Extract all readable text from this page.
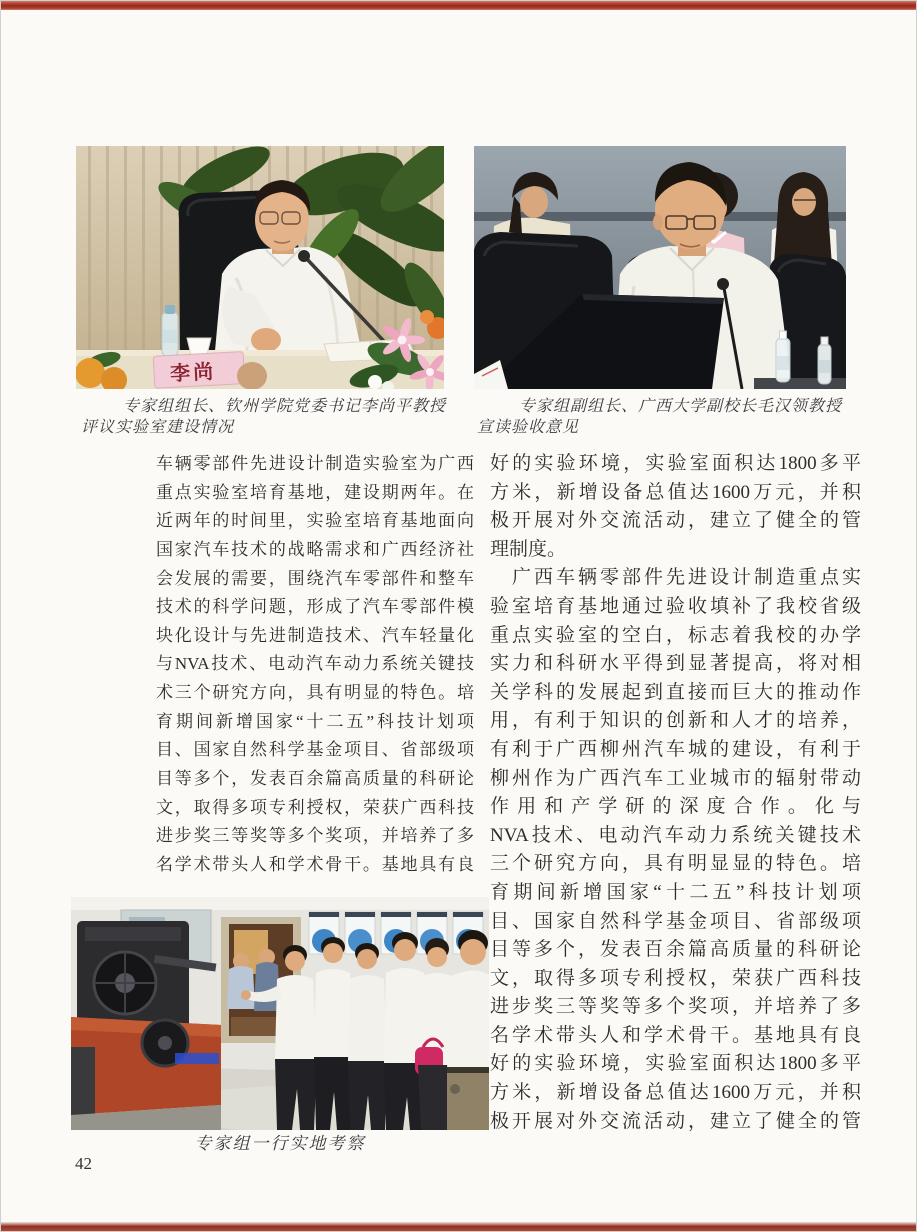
李尚
专家组组长、钦州学院党委书记李尚平教授
评议实验室建设情况
专家组副组长、广西大学副校长毛汉领教授
宣读验收意见
车辆零部件先进设计制造实验室为广西
重点实验室培育基地，建设期两年。在
近两年的时间里，实验室培育基地面向
国家汽车技术的战略需求和广西经济社
会发展的需要，围绕汽车零部件和整车
技术的科学问题，形成了汽车零部件模
块化设计与先进制造技术、汽车轻量化
与NVA技术、电动汽车动力系统关键技
术三个研究方向，具有明显的特色。培
育期间新增国家“十二五”科技计划项
目、国家自然科学基金项目、省部级项
目等多个，发表百余篇高质量的科研论
文，取得多项专利授权，荣获广西科技
进步奖三等奖等多个奖项，并培养了多
名学术带头人和学术骨干。基地具有良
好的实验环境，实验室面积达1800多平
方米，新增设备总值达1600万元，并积
极开展对外交流活动，建立了健全的管
理制度。
　广西车辆零部件先进设计制造重点实
验室培育基地通过验收填补了我校省级
重点实验室的空白，标志着我校的办学
实力和科研水平得到显著提高，将对相
关学科的发展起到直接而巨大的推动作
用，有利于知识的创新和人才的培养，
有利于广西柳州汽车城的建设，有利于
柳州作为广西汽车工业城市的辐射带动
作用和产学研的深度合作。化与
NVA技术、电动汽车动力系统关键技术
三个研究方向，具有明显显的特色。培
育期间新增国家“十二五”科技计划项
目、国家自然科学基金项目、省部级项
目等多个，发表百余篇高质量的科研论
文，取得多项专利授权，荣获广西科技
进步奖三等奖等多个奖项，并培养了多
名学术带头人和学术骨干。基地具有良
好的实验环境，实验室面积达1800多平
方米，新增设备总值达1600万元，并积
极开展对外交流活动，建立了健全的管
专家组一行实地考察
42
